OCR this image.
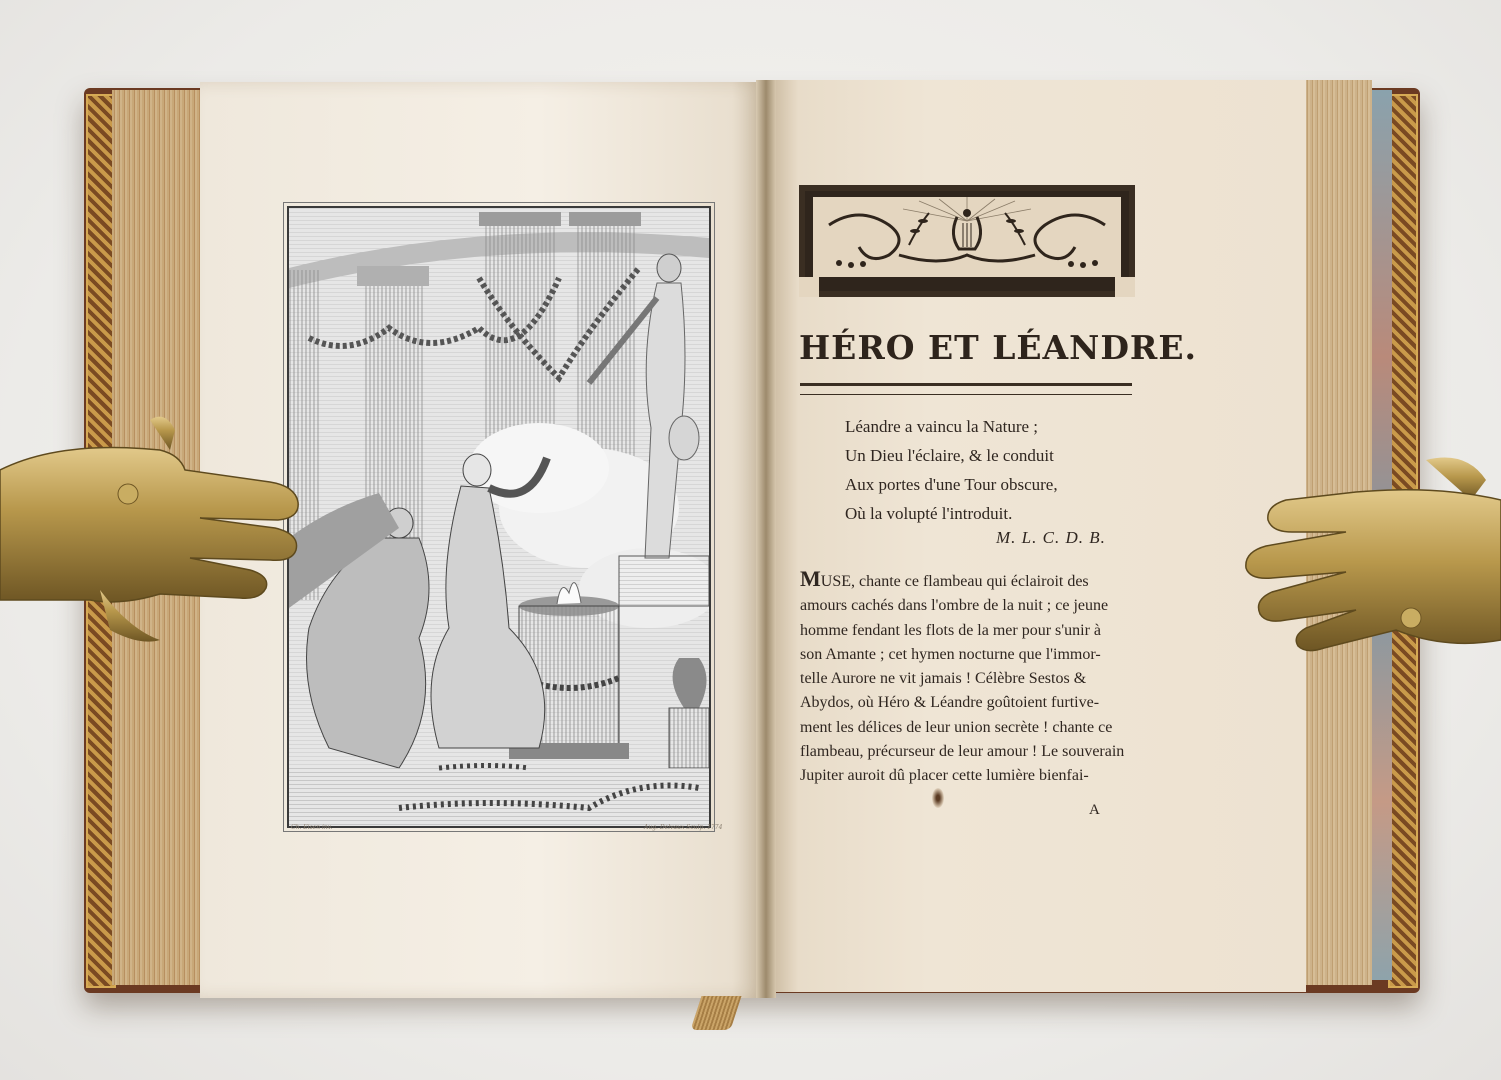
Ch. Eisen inv.	Aug. Delvaux Sculp. 1774
HÉRO ET LÉANDRE.
Léandre a vaincu la Nature ;
Un Dieu l'éclaire, & le conduit
Aux portes d'une Tour obscure,
Où la volupté l'introduit.
M. L. C. D. B.
MUSE, chante ce flambeau qui éclairoit des
amours cachés dans l'ombre de la nuit ; ce jeune
homme fendant les flots de la mer pour s'unir à
son Amante ; cet hymen nocturne que l'immor-
telle Aurore ne vit jamais ! Célèbre Sestos &
Abydos, où Héro & Léandre goûtoient furtive-
ment les délices de leur union secrète ! chante ce
flambeau, précurseur de leur amour ! Le souverain
Jupiter auroit dû placer cette lumière bienfai-
A
